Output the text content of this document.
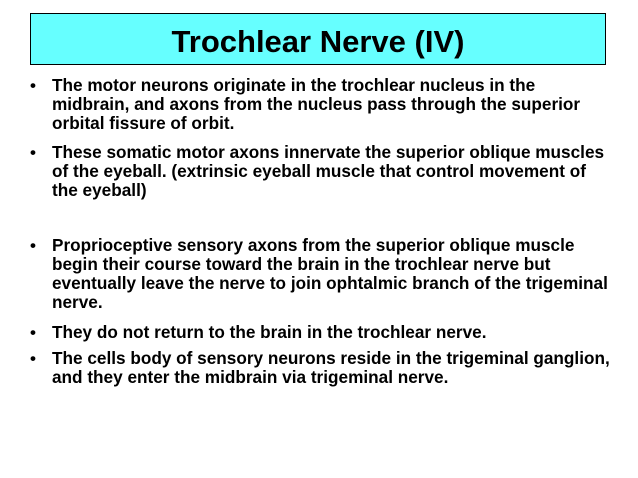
Trochlear Nerve (IV)
• The motor neurons originate in the trochlear nucleus in the midbrain, and axons from the nucleus pass through the superior orbital fissure of orbit.
• These somatic motor axons innervate the superior oblique muscles of the eyeball. (extrinsic eyeball muscle that control movement of the eyeball)
• Proprioceptive sensory axons from the superior oblique muscle begin their course toward the brain in the trochlear nerve but eventually leave the nerve to join ophtalmic branch of the trigeminal nerve.
• They do not return to the brain in the trochlear nerve.
• The cells body of sensory neurons reside in the trigeminal ganglion, and they enter the midbrain via trigeminal nerve.
